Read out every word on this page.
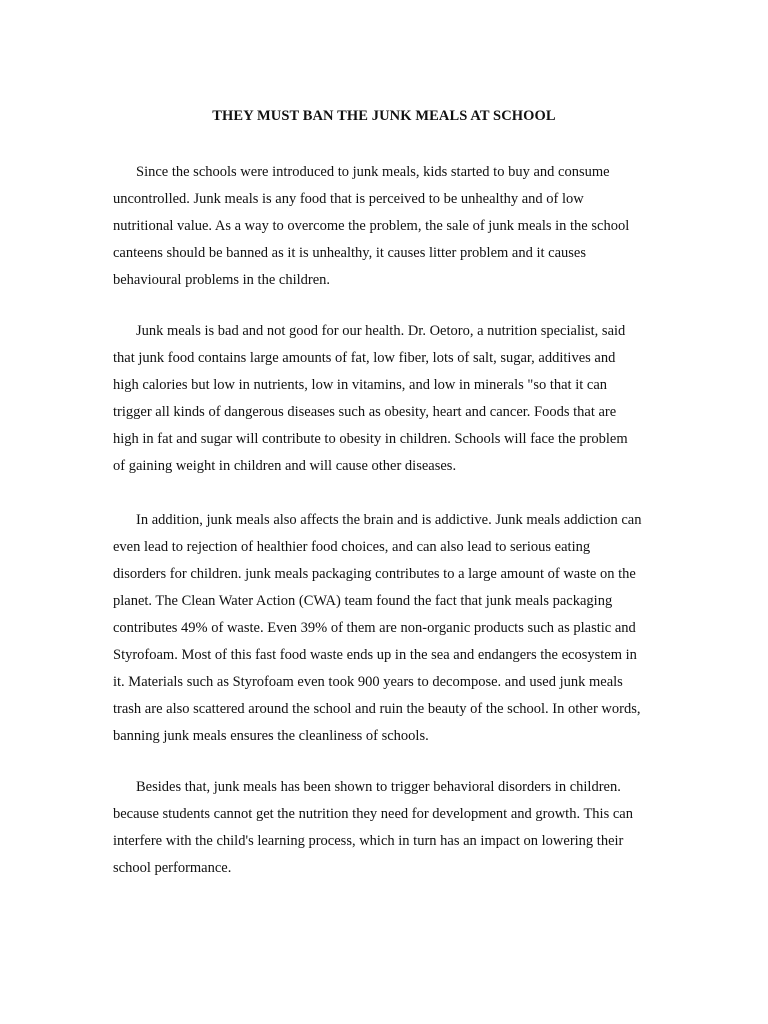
THEY MUST BAN THE JUNK MEALS AT SCHOOL

Since the schools were introduced to junk meals, kids started to buy and consume uncontrolled. Junk meals is any food that is perceived to be unhealthy and of low nutritional value. As a way to overcome the problem, the sale of junk meals in the school canteens should be banned as it is unhealthy, it causes litter problem and it causes behavioural problems in the children.

Junk meals is bad and not good for our health. Dr. Oetoro, a nutrition specialist, said that junk food contains large amounts of fat, low fiber, lots of salt, sugar, additives and high calories but low in nutrients, low in vitamins, and low in minerals "so that it can trigger all kinds of dangerous diseases such as obesity, heart and cancer. Foods that are high in fat and sugar will contribute to obesity in children. Schools will face the problem of gaining weight in children and will cause other diseases.

In addition, junk meals also affects the brain and is addictive. Junk meals addiction can even lead to rejection of healthier food choices, and can also lead to serious eating disorders for children. junk meals packaging contributes to a large amount of waste on the planet. The Clean Water Action (CWA) team found the fact that junk meals packaging contributes 49% of waste. Even 39% of them are non-organic products such as plastic and Styrofoam. Most of this fast food waste ends up in the sea and endangers the ecosystem in it. Materials such as Styrofoam even took 900 years to decompose. and used junk meals trash are also scattered around the school and ruin the beauty of the school. In other words, banning junk meals ensures the cleanliness of schools.

Besides that, junk meals has been shown to trigger behavioral disorders in children. because students cannot get the nutrition they need for development and growth. This can interfere with the child's learning process, which in turn has an impact on lowering their school performance.
